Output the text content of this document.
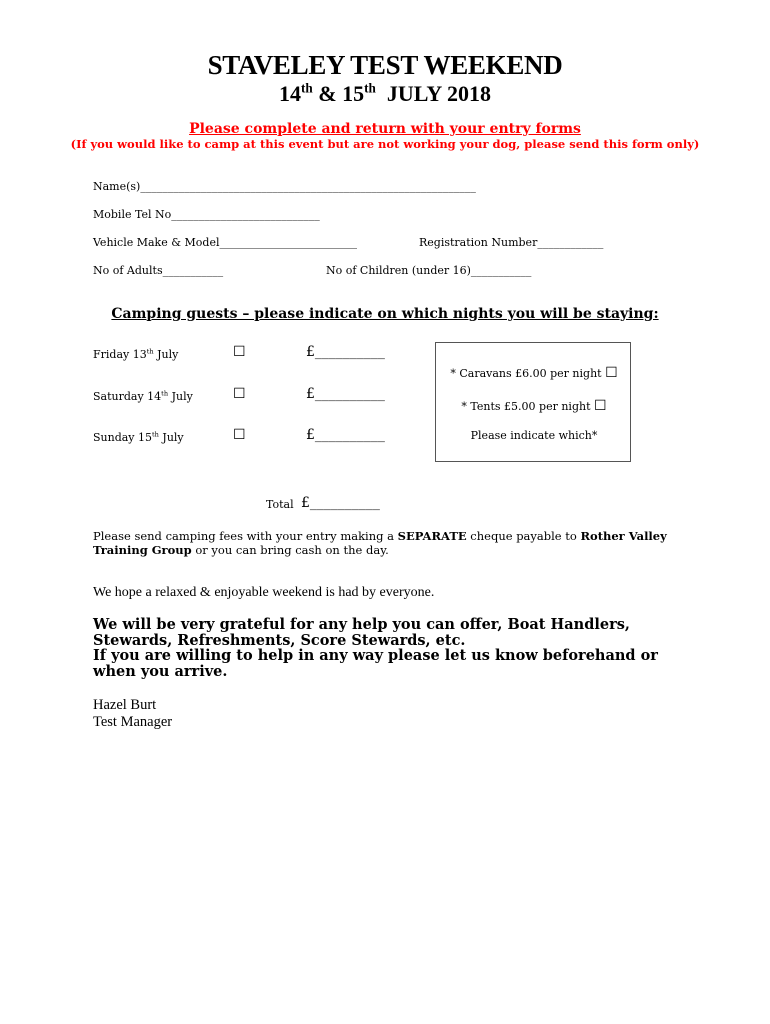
STAVELEY TEST WEEKEND
14th & 15th  JULY 2018
Please complete and return with your entry forms
(If you would like to camp at this event but are not working your dog, please send this form only)
Name(s)_____________________________________________________________
Mobile Tel No___________________________
Vehicle Make & Model_________________________	Registration Number____________
No of Adults___________	No of Children (under 16)___________
Camping guests – please indicate on which nights you will be staying:
Friday 13th July	☐	£__________
Saturday 14th July	☐	£__________
Sunday 15th July	☐	£__________
* Caravans £6.00 per night ☐
* Tents £5.00 per night ☐
Please indicate which*
Total £__________
Please send camping fees with your entry making a SEPARATE cheque payable to Rother Valley Training Group or you can bring cash on the day.
We hope a relaxed & enjoyable weekend is had by everyone.
We will be very grateful for any help you can offer, Boat Handlers, Stewards, Refreshments, Score Stewards, etc.
If you are willing to help in any way please let us know beforehand or when you arrive.
Hazel Burt
Test Manager
